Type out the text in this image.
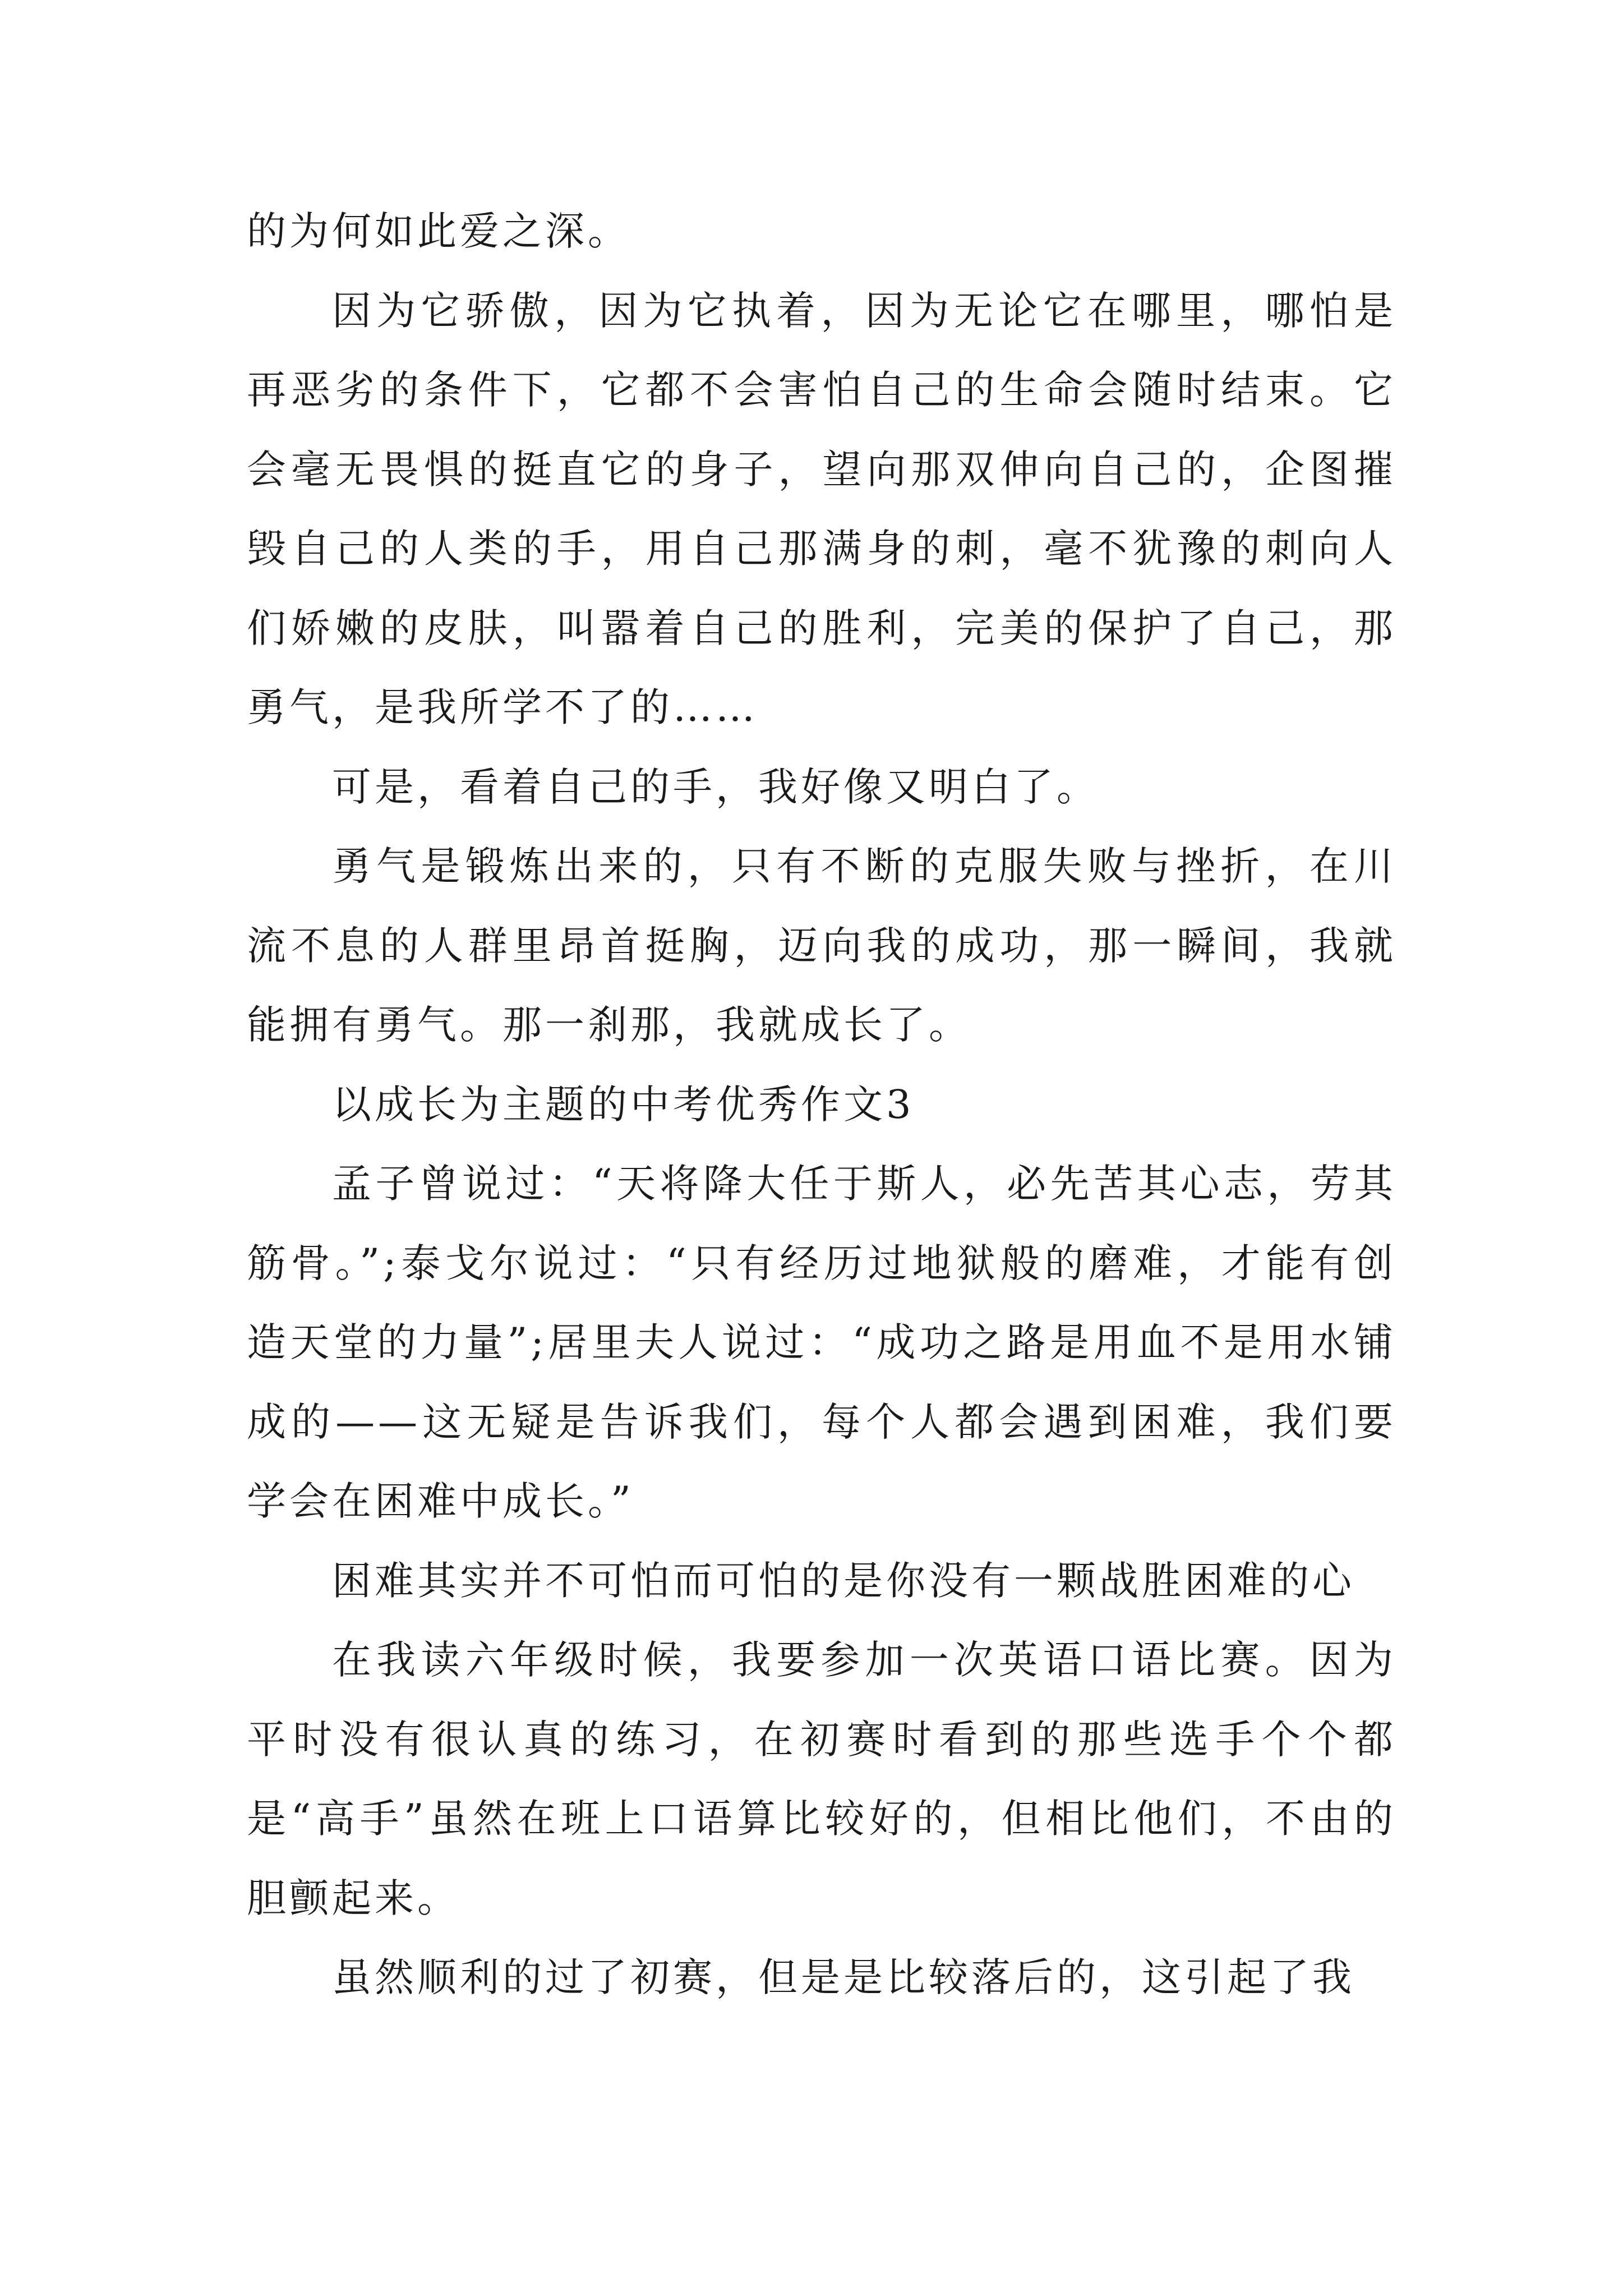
的为何如此爱之深。

因为它骄傲，因为它执着，因为无论它在哪里，哪怕是再恶劣的条件下，它都不会害怕自己的生命会随时结束。它会毫无畏惧的挺直它的身子，望向那双伸向自己的，企图摧毁自己的人类的手，用自己那满身的刺，毫不犹豫的刺向人们娇嫩的皮肤，叫嚣着自己的胜利，完美的保护了自己，那勇气，是我所学不了的……

可是，看着自己的手，我好像又明白了。

勇气是锻炼出来的，只有不断的克服失败与挫折，在川流不息的人群里昂首挺胸，迈向我的成功，那一瞬间，我就能拥有勇气。那一刹那，我就成长了。

以成长为主题的中考优秀作文3

孟子曾说过：“天将降大任于斯人，必先苦其心志，劳其筋骨。”;泰戈尔说过：“只有经历过地狱般的磨难，才能有创造天堂的力量”;居里夫人说过：“成功之路是用血不是用水铺成的——这无疑是告诉我们，每个人都会遇到困难，我们要学会在困难中成长。”

困难其实并不可怕而可怕的是你没有一颗战胜困难的心

在我读六年级时候，我要参加一次英语口语比赛。因为平时没有很认真的练习，在初赛时看到的那些选手个个都是“高手”虽然在班上口语算比较好的，但相比他们，不由的胆颤起来。

虽然顺利的过了初赛，但是是比较落后的，这引起了我
